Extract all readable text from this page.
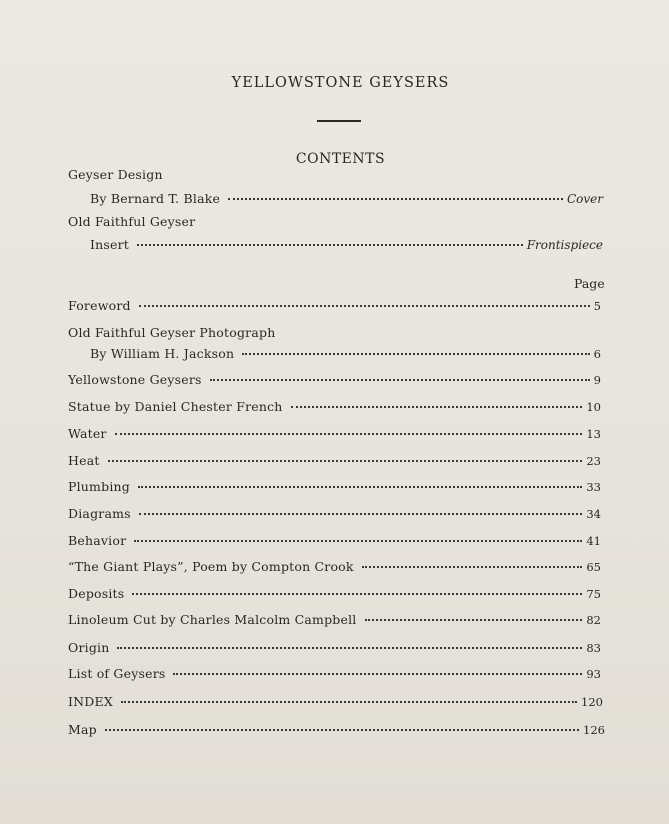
YELLOWSTONE GEYSERS
CONTENTS
Geyser Design
By Bernard T. Blake	Cover
Old Faithful Geyser
Insert	Frontispiece
Page
Foreword	5
Old Faithful Geyser Photograph
By William H. Jackson	6
Yellowstone Geysers	9
Statue by Daniel Chester French	10
Water	13
Heat	23
Plumbing	33
Diagrams	34
Behavior	41
“The Giant Plays”, Poem by Compton Crook	65
Deposits	75
Linoleum Cut by Charles Malcolm Campbell	82
Origin	83
List of Geysers	93
INDEX	120
Map	126
